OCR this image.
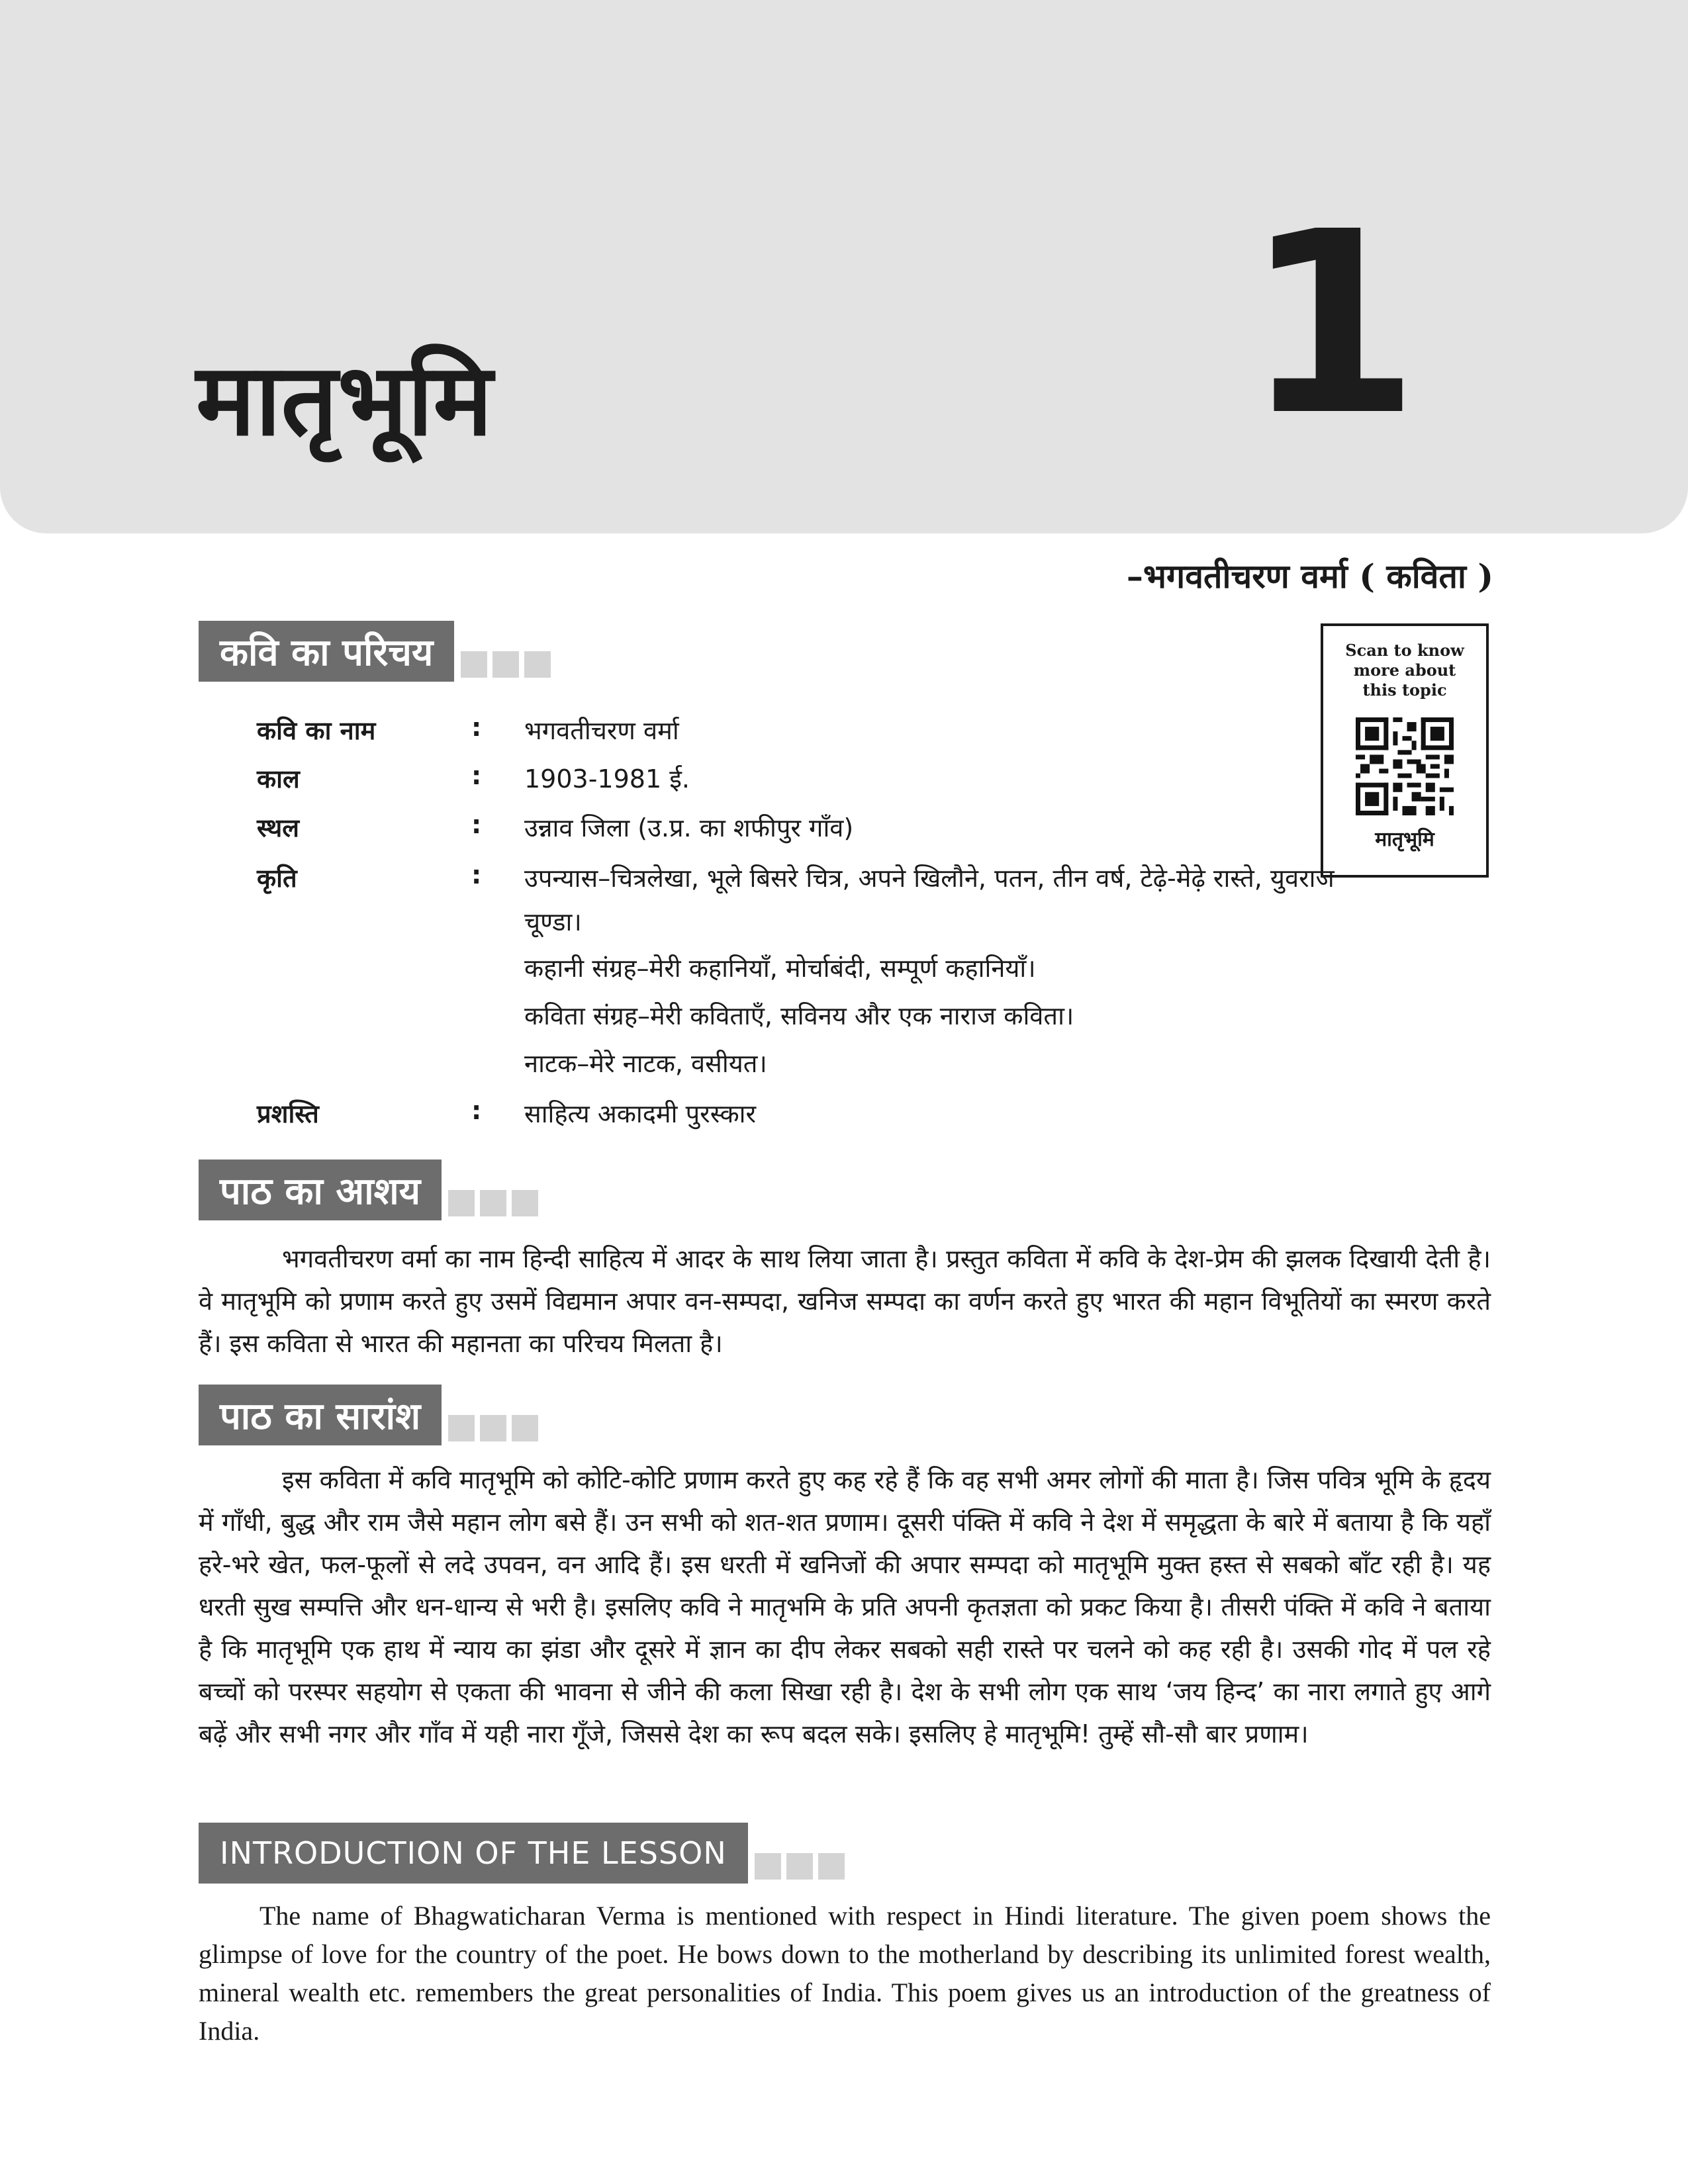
मातृभूमि	1
–भगवतीचरण वर्मा ( कविता )
कवि का परिचय	Scan to know more about this topic
मातृभूमि
कवि का नाम	: भगवतीचरण वर्मा
काल	: 1903-1981 ई.
स्थल	: उन्नाव जिला (उ.प्र. का शफीपुर गाँव)
कृति	: उपन्यास–चित्रलेखा, भूले बिसरे चित्र, अपने खिलौने, पतन, तीन वर्ष, टेढ़े-मेढ़े रास्ते, युवराज
चूण्डा।
कहानी संग्रह–मेरी कहानियाँ, मोर्चाबंदी, सम्पूर्ण कहानियाँ।
कविता संग्रह–मेरी कविताएँ, सविनय और एक नाराज कविता।
नाटक–मेरे नाटक, वसीयत।
प्रशस्ति	: साहित्य अकादमी पुरस्कार
पाठ का आशय

भगवतीचरण वर्मा का नाम हिन्दी साहित्य में आदर के साथ लिया जाता है। प्रस्तुत कविता में कवि के देश-प्रेम की झलक दिखायी देती है। वे मातृभूमि को प्रणाम करते हुए उसमें विद्यमान अपार वन-सम्पदा, खनिज सम्पदा का वर्णन करते हुए भारत की महान विभूतियों का स्मरण करते हैं। इस कविता से भारत की महानता का परिचय मिलता है।

पाठ का सारांश

इस कविता में कवि मातृभूमि को कोटि-कोटि प्रणाम करते हुए कह रहे हैं कि वह सभी अमर लोगों की माता है। जिस पवित्र भूमि के हृदय में गाँधी, बुद्ध और राम जैसे महान लोग बसे हैं। उन सभी को शत-शत प्रणाम। दूसरी पंक्ति में कवि ने देश में समृद्धता के बारे में बताया है कि यहाँ हरे-भरे खेत, फल-फूलों से लदे उपवन, वन आदि हैं। इस धरती में खनिजों की अपार सम्पदा को मातृभूमि मुक्त हस्त से सबको बाँट रही है। यह धरती सुख सम्पत्ति और धन-धान्य से भरी है। इसलिए कवि ने मातृभमि के प्रति अपनी कृतज्ञता को प्रकट किया है। तीसरी पंक्ति में कवि ने बताया है कि मातृभूमि एक हाथ में न्याय का झंडा और दूसरे में ज्ञान का दीप लेकर सबको सही रास्ते पर चलने को कह रही है। उसकी गोद में पल रहे बच्चों को परस्पर सहयोग से एकता की भावना से जीने की कला सिखा रही है। देश के सभी लोग एक साथ ‘जय हिन्द’ का नारा लगाते हुए आगे बढ़ें और सभी नगर और गाँव में यही नारा गूँजे, जिससे देश का रूप बदल सके। इसलिए हे मातृभूमि! तुम्हें सौ-सौ बार प्रणाम।

INTRODUCTION OF THE LESSON

The name of Bhagwaticharan Verma is mentioned with respect in Hindi literature. The given poem shows the glimpse of love for the country of the poet. He bows down to the motherland by describing its unlimited forest wealth, mineral wealth etc. remembers the great personalities of India. This poem gives us an introduction of the greatness of India.
